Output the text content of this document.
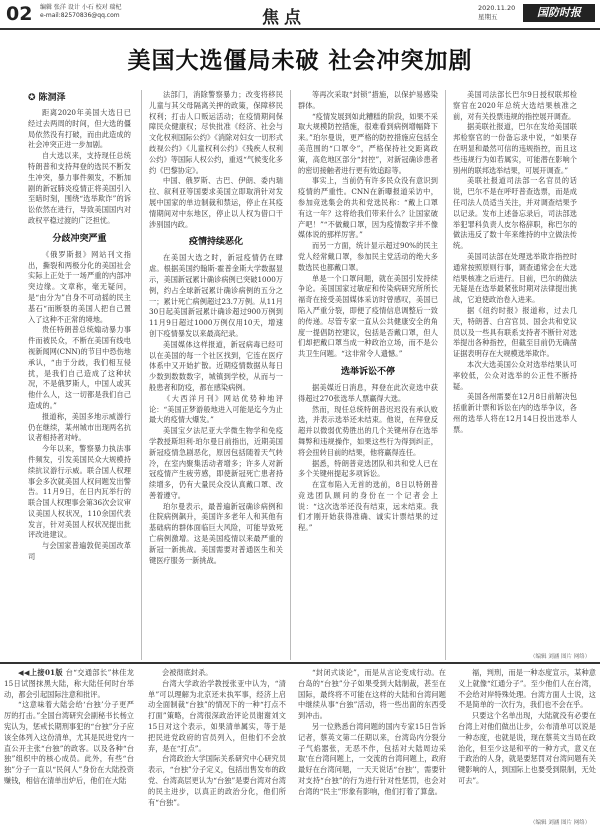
02 编辑 张洋 设计 小石 校对 瑞杞
e-mail:82570836@qq.com	焦点	2020.11.20
星期五	国防时报
美国大选僵局未破 社会冲突加剧
✪ 陈洞泽

距离2020年美国大选日已经过去两周的时间，但大选的僵局依然没有打破，而由此造成的社会冲突正进一步加剧。

自大选以来，支持现任总统特朗普和支持拜登的选民不断发生冲突，暴力事件频发，不断加剧的新冠肺炎疫情正将美国引入至暗时刻，围绕“选举欺诈”的诉讼依然在进行，导致美国国内对政权平稳过渡的广泛担忧。

分歧冲突严重

《俄罗斯报》网站刊文指出，撕裂和两极分化的美国社会实际上正处于一场严重的内部冲突边缘。文章称，毫无疑问，是“由分为”自身不可动摇的民主基石“而断裂的美国人把自己置入了这种不正常的境地。

贵任特朗普总统煽动暴力事件而被民众，不断在美国有线电视新闻网(CNN)的节目中恐伤地承认，“由于分歧，我们相互侵扰，是我们自己造成了这种状况，不是俄罗斯人，中国人或其他什么人，这一切都是我们自己造成的。”

报道称，美国多地示威游行仍在继续，某州城市出现两名抗议者相持者对峙。

今年以来，警察暴力执法事件频发，引发美国民众大规模持续抗议游行示威。联合国人权理事会多次就美国人权问题发出警告。11月9日，在日内瓦举行的联合国人权理事会第36次会议审议美国人权状况，110余国代表发言，针对美国人权状况提出批评改进建议。

与会国家普遍敦促美国改革司

法部门，消除警察暴力；改变将移民儿童与其父母隔离关押的政策，保障移民权利；打击人口贩运活动；在疫情期间保障民众健康权；尽快批准《经济、社会与文化权利国际公约》《消除对妇女一切形式歧视公约》《儿童权利公约》《残疾人权利公约》等国际人权公约，重返“气候变化多约《巴黎协定》。

中国、俄罗斯、古巴、伊朗、委内瑞拉、叙利亚等国要求美国立即取消针对发展中国家的单边制裁和禁运，停止在其疫情期间对中东地区，停止以人权为借口干涉别国内政。

疫情持续恶化

在美国大选之时，新冠疫情仍在肆虐。根据美国约翰斯·霍普金斯大学数据显示，美国新冠累计确诊病例已突破1000万例，约占全球新冠累计确诊病例的五分之一；累计死亡病例超过23.7万例。从11月30日起美国新冠累计确诊超过900万例到11月9日超过1000万例仅用10天，增速创下疫情暴发以来最高纪录。

美国媒体这样报道，新冠病毒已经可以在美国的每一个社区找到，它连在医疗体系中又开始扩散。近期疫情数据从每日少数到数数数字，城镇到学校，从而与一般患者和防疫，都在感染病例。

《大西洋月刊》网站优势种地评论：“美国正梦游般地进入可能是迄今为止最大的疫情大爆发。”

美国宝夕法尼亚大学微生物学和免疫学教授斯坦利·珀尔曼日前指出，近期美国新冠疫情急剧恶化，原因包括随着天气转冷，在室内聚集活动者增多；许多人对新冠疫情产生疲劳感，即使新冠死亡患者持续增多，仍有大量民众没认真戴口罩、改善着遵守。

珀尔曼表示，最普遍新冠确诊病例和住院病例飙升，美国许多老年人和其他有基础病的群体面临巨大风险，可能导致死亡病例激增。这是美国疫情以来最严重的新冠一新挑战。美国需要对普通医生和关键医疗服务一新挑战。

等再次采取“封锁”措施，以保护易感染群体。

“疫情发展到如此糟糕的阶段，如果不采取大规模防控措施，很难看到病例增幅降下来。”珀尔曼说，更严格的防控措施应包括全美范围的“口罩令”，严格保持社交距离政策，高危地区部分“封控”，对新冠确诊患者的密切接触者进行更有效追踪等。

事实上，当前仍有许多民众没有意识到疫情的严重性。CNN在新曝报道采访中，参加竞选集会的共和党选民称：“戴上口罩有这一年？这将给我们带来什么？让国家破产吧！”“不做戴口罩，因为疫情数字并不像媒体说的那样厉害。”

而另一方面，统计显示超过90%的民主党人经常戴口罩，参加民主党活动的绝大多数选民也都戴口罩。

单是一个口罩问题，就在美国引发持续争论。美国国家过敏症和传染病研究所所长福奇在接受美国媒体采访时曾感叹，美国已陷入严重分裂，即便了疫情信息调整后一致的传递。尽管专家一直从公共健康安全的角度一提倡防控建议，包括是否戴口罩，但人们却把戴口罩当成一种政治立场，而不是公共卫生问题。“这非常令人遗憾。”

选举诉讼不停

据美媒近日消息，拜登在此次竞选中获得超过270张选举人票赢得大选。

然而，现任总统特朗普迟迟没有承认败选，并表示选举还未结束。他说，在拜登反超并以微弱优势胜出的几个关键州存在选举舞弊和违规操作，如果这些行为得到纠正，将会扭转目前的结果，他将赢得连任。

据悉，特朗普竞选团队和共和党人已在多个关键州提起多项诉讼。

在宣布陷入无首的选前，8日以特朗普竞选团队顾问的身份在一个记者会上说：“这次选举还没有结束，远未结束。我们才刚开始获得准确、诚实计票结果的过程。”

美国司法部长巴尔9日授权联邦检察官在2020年总统大选结果核准之前，对有关投票违规的指控展开调查。

据美联社报道，巴尔在发给美国联邦检察官的一份备忘录中说，“如果存在明显和最然可信的违规指控，而且这些违规行为如若属实，可能潜在影响个别州的联邦选举结果，可展开调查。”

美联社报道司法部一名官员的话说，巴尔不是在呼吁普查选票，而是成任司法人员适当关注，并对调查结果予以记录。发布上述备忘录后，司法部选举犯罪科负责人皮尔格辞职，称巴尔的做法违反了数十年来维持的中立做法传统。

美国司法部在处理选举欺诈指控时通常按照原则行事，调查通常会在大选结果核准之后进行。目前，巴尔的做法无疑是在选举最紧张时期对法律提出挑战，它迫使政治卷入进来。

据《纽约时报》报道称，过去几天，特朗普、白宫官员、国会共和党议员以及一些具有联系支持者不断针对选举提出各种指控，但截至目前仍无确凿证据表明存在大规模选举欺诈。

本次大选美国公众对选举结果认可率较低，公众对选举的公正性不断持疑。

美国各州需要在12月8日前解决包括重新计票和诉讼在内的选举争议，各州的选举人将在12月14日投出选举人票。

（编辑 刘涵 图片 网络）

◀◀上接01版 台“交通部长”林佳龙15日试图抹黑大陆，称大陆任何时台举动，都会引起国际注意和批评。

“这意味着大陆会给‘台独’分子更严厉的打击。”全国台湾研究会副秘书长杨立宪认为，惩戒长期刑事犯的“台独”分子应该全体列入这份清单，尤其是民进党内一直公开主张“台独”的政客。以及各种“台独”组织中的核心成员。此外，有些“台独”分子一直以“民间人”身份在大陆投资赚钱，相信在清单出炉后，他们在大陆

会被彻底封杀。

台湾大学政治学教授张亚中认为，“清单”可以理解为北京还未执军事，经济上启动全面制裁“台独”的情况下的一种“打点不打面”策略，台湾很深政治评论员谢谢刘文15日对这个表示，如果清单属实，等于是把民进党政府的官员列入，但他们不会放弃，是在“打点”。

台湾政治大学国际关系研究中心研究员表示，“台独”分子定义，包括出售发布的政党、台湾高层更认为“台独”是要台湾对台湾的民主进步，以真正的政治分化，他们所有“台独”。

“封闭式谈论”，而是从言论变成行动。在台岛的“台独”分子如果受到大陆制裁，甚至在国际，最终将不可能在这样的大陆和台湾问题中继续从事“台独”活动，将一些出面的东西受到冲击。

另一位熟悉台湾问题的国内专家15日告诉记者，蔡英文第二任期以来，台湾岛内分裂分子气焰嚣张，无恶不作，包括对大陆周边采取‘在台湾问题上，一交流的台湾问题上，政府最好在台湾问题，一天天说话“台独’’，需要针对支持“台独”的行为进行针对性惩罚，也会对台湾的“民主”形象有影响，他们打着了算盘。

福，判刑，而是一种态度宣示，某种意义上就像“红通分子”。至少他们人在台湾，不会给对岸特殊处理。台湾方面人士说，这不是简单的一次行为，我们也不会在乎。

只要这个名单出现，大陆就没有必要在台湾上对他们做出让步，公布清单可以说是一种态度，也就是说，现在蔡英文当局在政治化，但至少这是和平的一种方式，意义在于政治的人身，就是要惩罚对台湾问题有关键影响的人，到国际上也要受到限制，无处可去”。

（编辑 刘涵 图片 网络）
